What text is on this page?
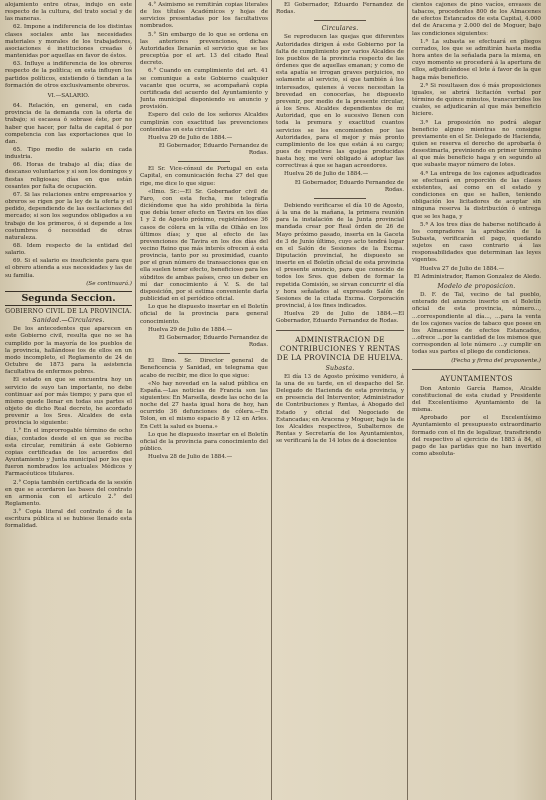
alojamiento entre otras, indujo en este respecto de la cultura, del trato social y de las maneras.

62. Impone a indiferencia de los distintas clases sociales ante las necesidades materiales y morales de los trabajadores, asociaciones é instituciones creadas ó mantenidas por aquellas en favor de éstos.

63. Influye a indiferencia de los obreros respecto de la política; en esta influyen los partidos políticos, existiendo ó tiendan a la formación de otros exclusivamente obreros.

VI.—SALARIO.

64. Relación, en general, en cada provincia de la demanda con la oferta de trabajo; si escasea ó sobrase éste, por no haber que hacer, por falta de capital ó por competencia con las exportaciones que lo dan.

65. Tipo medio de salario en cada industria.

66. Horas de trabajo al día; días de descanso voluntarios y si son los domingos y fiestas religiosas; días en que están cesantes por falta de ocupación.

67. Si las relaciones entre empresarios y obreros se rigen por la ley de la oferta y el pedido, dependiendo de las oscilaciones del mercado; si son los segundos obligados a su trabajo de los primeros, ó si depende a los costumbres ó necesidad de otras naturaleza.

68. Idem respecto de la entidad del salario.

69. Si el salario es insuficiente para que el obrero atienda a sus necesidades y las de su familia.

(Se continuará.)

Segunda Seccion.
GOBIERNO CIVIL DE LA PROVINCIA.
Sanidad.—Circulares.

De los antecedentes que aparecen en este Gobierno civil, resulta que no se ha cumplido por la mayoría de los pueblos de la provincia, hallándose los de ellos en un modo incompleto, el Reglamento de 24 de Octubre de 1873 para la asistencia facultativa de enfermos pobres.

El estado en que se encuentra hoy un servicio de suyo tan importante, no debe continuar así por más tiempo; y para que el mismo quede llenar en todas sus partes el objeto de dicho Real decreto, he acordado prevenir a los Sres. Alcaldes de esta provincia lo siguiente:

1.° En el improrrogable término de ocho días, contados desde el en que se reciba esta circular, remitirán á este Gobierno copias certificadas de los acuerdos del Ayuntamiento y Junta municipal por los que fueron nombrados los actuales Médicos y Farmacéuticos titulares.

2.° Copia también certificada de la sesión en que se acordaron las bases del contrato en armonía con el artículo 2.° del Reglamento.

3.° Copia literal del contrato ó de la escritura pública si se hubiese llenado esta formalidad.

4.° Asimismo se remitirán copias literales de los títulos Académicos y hojas de servicios presentadas por los facultativos nombrados.

5.° Sin embargo de lo que se ordena en las anteriores prevenciones, dichas Autoridades llenarán el servicio que se les preceptúa por el art. 13 del citado Real decreto.

6.° Cuando en cumplimiento del art. 41 se comunique a este Gobierno cualquier vacante que ocurra, se acompañará copia certificada del acuerdo del Ayuntamiento y Junta municipal disponiendo su anuncio y provisión.

Espero del celo de los señores Alcaldes cumplirán con exactitud las prevenciones contenidas en esta circular.

Huelva 29 de Julio de 1884.—

El Gobernador, Eduardo Fernandez de Rodas.

El Sr. Vice-cónsul de Portugal en esta Capital, en comunicación fecha 27 del que rige, me dice lo que sigue:

«Ilmo. Sr.:—El Sr. Gobernador civil de Faro, con esta fecha, me telegrafía diciéndome que ha sido prohibida la féria que debía tener efecto en Tavira en los días 1 y 2 de Agosto próximo, registrándose 36 casos de cólera en la villa de Olhão en los últimos días; y que al efecto de las prevenciones de Tavira en los dos días del vecino Reino que más interés ofrecen á esta provincia, tanto por su proximidad, cuanto por el gran número de transacciones que en ella suelen tener efecto, beneficioso para los súbditos de ambas países, creo un deber en mí dar conocimiento á V. S. de tal disposición, por si estima conveniente darla publicidad en el periódico oficial.

Lo que he dispuesto insertar en el Boletín oficial de la provincia para general conocimiento.

Huelva 29 de Julio de 1884.—

El Gobernador, Eduardo Fernandez de Rodas.

El Ilmo. Sr. Director general de Beneficencia y Sanidad, en telegrama que acabo de recibir, me dice lo que sigue:

«No hay novedad en la salud pública en España.—Las noticias de Francia son las siguientes: En Marsella, desde las ocho de la noche del 27 hasta igual hora de hoy, han ocurrido 36 defunciones de cólera.—En Tolon, en el mismo espacio 8 y 12 en Arles. En Cett la salud es buena.»

Lo que he dispuesto insertar en el Boletín oficial de la provincia para conocimiento del público.

Huelva 28 de Julio de 1884.—

El Gobernador, Eduardo Fernandez de Rodas.

Circulares.

Se reproducen las quejas que diferentes Autoridades dirigen á este Gobierno por la falta de cumplimiento por varios Alcaldes de los pueblos de la provincia respecto de las órdenes que de aquellas emanan; y como de esta apatía se irrogan graves perjuicios, no solamente al servicio, sí que también á los interesados, quienes á veces necesitan la brevedad en conocerlas, he dispuesto prevenir, por medio de la presente circular, á los Sres. Alcaldes dependientes de mi Autoridad, que en lo sucesivo llenen con toda la premura y exactitud cuantos servicios se les encomienden por las Autoridades, para el mejor y más pronto cumplimiento de los que están á su cargo; pues de repetirse las quejas producidas hasta hoy, me veré obligado á adoptar las correctivas á que se hagan acreedores.

Huelva 26 de Julio de 1884.—

El Gobernador, Eduardo Fernandez de Rodas.

Debiendo verificarse el día 10 de Agosto, á la una de la mañana, la primera reunión para la instalación de la Junta provincial mandada crear por Real órden de 26 de Mayo próximo pasado, inserta en la Gaceta de 3 de Junio último, cuyo acto tendrá lugar en el Salón de Sesiones de la Excma. Diputación provincial, he dispuesto se inserte en el Boletín oficial de esta provincia el presente anuncio, para que conocido de todos los Sres. que deben de formar la repetida Comisión, se sirvan concurrir el día y hora señalados al expresado Salón de Sesiones de la citada Excma. Corporación provincial, á los fines indicados.

Huelva 29 de Julio de 1884.—El Gobernador, Eduardo Fernandez de Rodas.

ADMINISTRACION DE CONTRIBUCIONES Y RENTAS DE LA PROVINCIA DE HUELVA.
Subasta.

El día 13 de Agosto próximo venidero, á la una de su tarde, en el despacho del Sr. Delegado de Hacienda de esta provincia, y en presencia del Interventor, Administrador de Contribuciones y Rentas, á Abogado del Estado y oficial del Negociado de Estancadas; en Aracena y Moguer, bajo la de los Alcaldes respectivos, Subalternos de Rentas y Secretaría de los Ayuntamientos, se verificará la de 14 lotes de á doscientos

cientos cajones de pino vacíos, envases de tabacos, procedentes 800 de los Almacenes de efectos Estancados de esta Capital, 4.000 del de Aracena y 2.000 del de Moguer, bajo las condiciones siguientes:

1.ª La subasta se efectuará en pliegos cerrados, los que se admitirán hasta media hora antes de la señalada para la misma, en cuyo momento se procederá á la apertura de ellos, adjudicándose el lote á favor de la que haga más beneficio.

2.ª Si resultasen dos ó más proposiciones iguales, se abrirá licitación verbal por término de quince minutos, transcurridos los cuales, se adjudicarán al que más beneficio hiciere.

3.ª La proposición no podrá alegar beneficio alguno mientras no consigne previamente en el Sr. Delegado de Hacienda, quien se reserva el derecho de aprobarla ó desestimarla, previniendo en primer término al que más beneficio haga y en segundo al que subaste mayor número de lotes.

4.ª La entrega de los cajones adjudicados se efectuará en proporción de las clases existentes, así como en el estado y condiciones en que se hallen, teniendo obligación los licitadores de aceptar sin ninguna reserva la distribución ó entrega que se les haga, y

5.ª A los tres días de haberse notificado á los compradores la aprobación de la Subasta, verificarán el pago, quedando sujetos en caso contrario á las responsabilidades que determinan las leyes vigentes.

Huelva 27 de Julio de 1884.—

El Administrador, Ramon Gonzalez de Aledo.

Modelo de proposicion.

D. F. de Tal, vecino de tal pueblo, enterado del anuncio inserto en el Boletín oficial de esta provincia, número..., ...correspondiente al día..., ...para la venta de los cajones vacíos de tabaco que posee en los Almacenes de efectos Estancados, ...ofrece ...por la cantidad de los mismos que corresponden al lote número ...y cumplir en todas sus partes el pliego de condiciones.

(Fecha y firma del proponente.)

AYUNTAMIENTOS

Don Antonio García Ramos, Alcalde constitucional de esta ciudad y Presidente del Excelentísimo Ayuntamiento de la misma.

Aprobado por el Excelentísimo Ayuntamiento el presupuesto extraordinario formado con el fin de legalizar, transfiriendo del respectivo al ejercicio de 1883 á 84, el pago de las partidas que no han invertido como absoluta-
